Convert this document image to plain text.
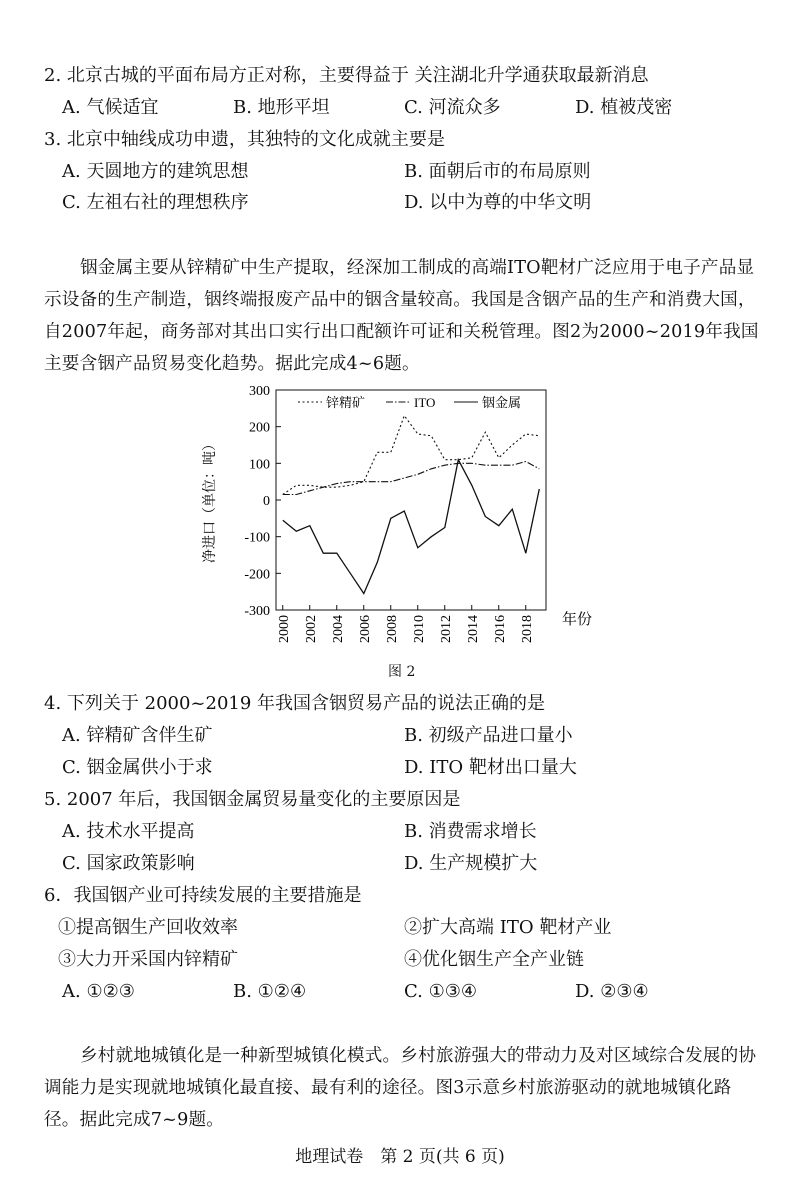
2. 北京古城的平面布局方正对称，主要得益于 关注湖北升学通获取最新消息
A. 气候适宜	B. 地形平坦	C. 河流众多	D. 植被茂密
3. 北京中轴线成功申遗，其独特的文化成就主要是
A. 天圆地方的建筑思想	B. 面朝后市的布局原则
C. 左祖右社的理想秩序	D. 以中为尊的中华文明
铟金属主要从锌精矿中生产提取，经深加工制成的高端ITO靶材广泛应用于电子产品显示设备的生产制造，铟终端报废产品中的铟含量较高。我国是含铟产品的生产和消费大国，自2007年起，商务部对其出口实行出口配额许可证和关税管理。图2为2000~2019年我国主要含铟产品贸易变化趋势。据此完成4~6题。
300
200
100
0
-100
-200
-300
2000 2002 2004 2006 2008 2010 2012 2014 2016 2018
锌精矿	ITO	铟金属
净进口（单位：吨）
年份
图 2
4. 下列关于 2000~2019 年我国含铟贸易产品的说法正确的是
A. 锌精矿含伴生矿	B. 初级产品进口量小
C. 铟金属供小于求	D. ITO 靶材出口量大
5. 2007 年后，我国铟金属贸易量变化的主要原因是
A. 技术水平提高	B. 消费需求增长
C. 国家政策影响	D. 生产规模扩大
6．我国铟产业可持续发展的主要措施是
①提高铟生产回收效率	②扩大高端 ITO 靶材产业
③大力开采国内锌精矿	④优化铟生产全产业链
A. ①②③	B. ①②④	C. ①③④	D. ②③④
乡村就地城镇化是一种新型城镇化模式。乡村旅游强大的带动力及对区域综合发展的协调能力是实现就地城镇化最直接、最有利的途径。图3示意乡村旅游驱动的就地城镇化路径。据此完成7~9题。
地理试卷　第 2 页(共 6 页)
